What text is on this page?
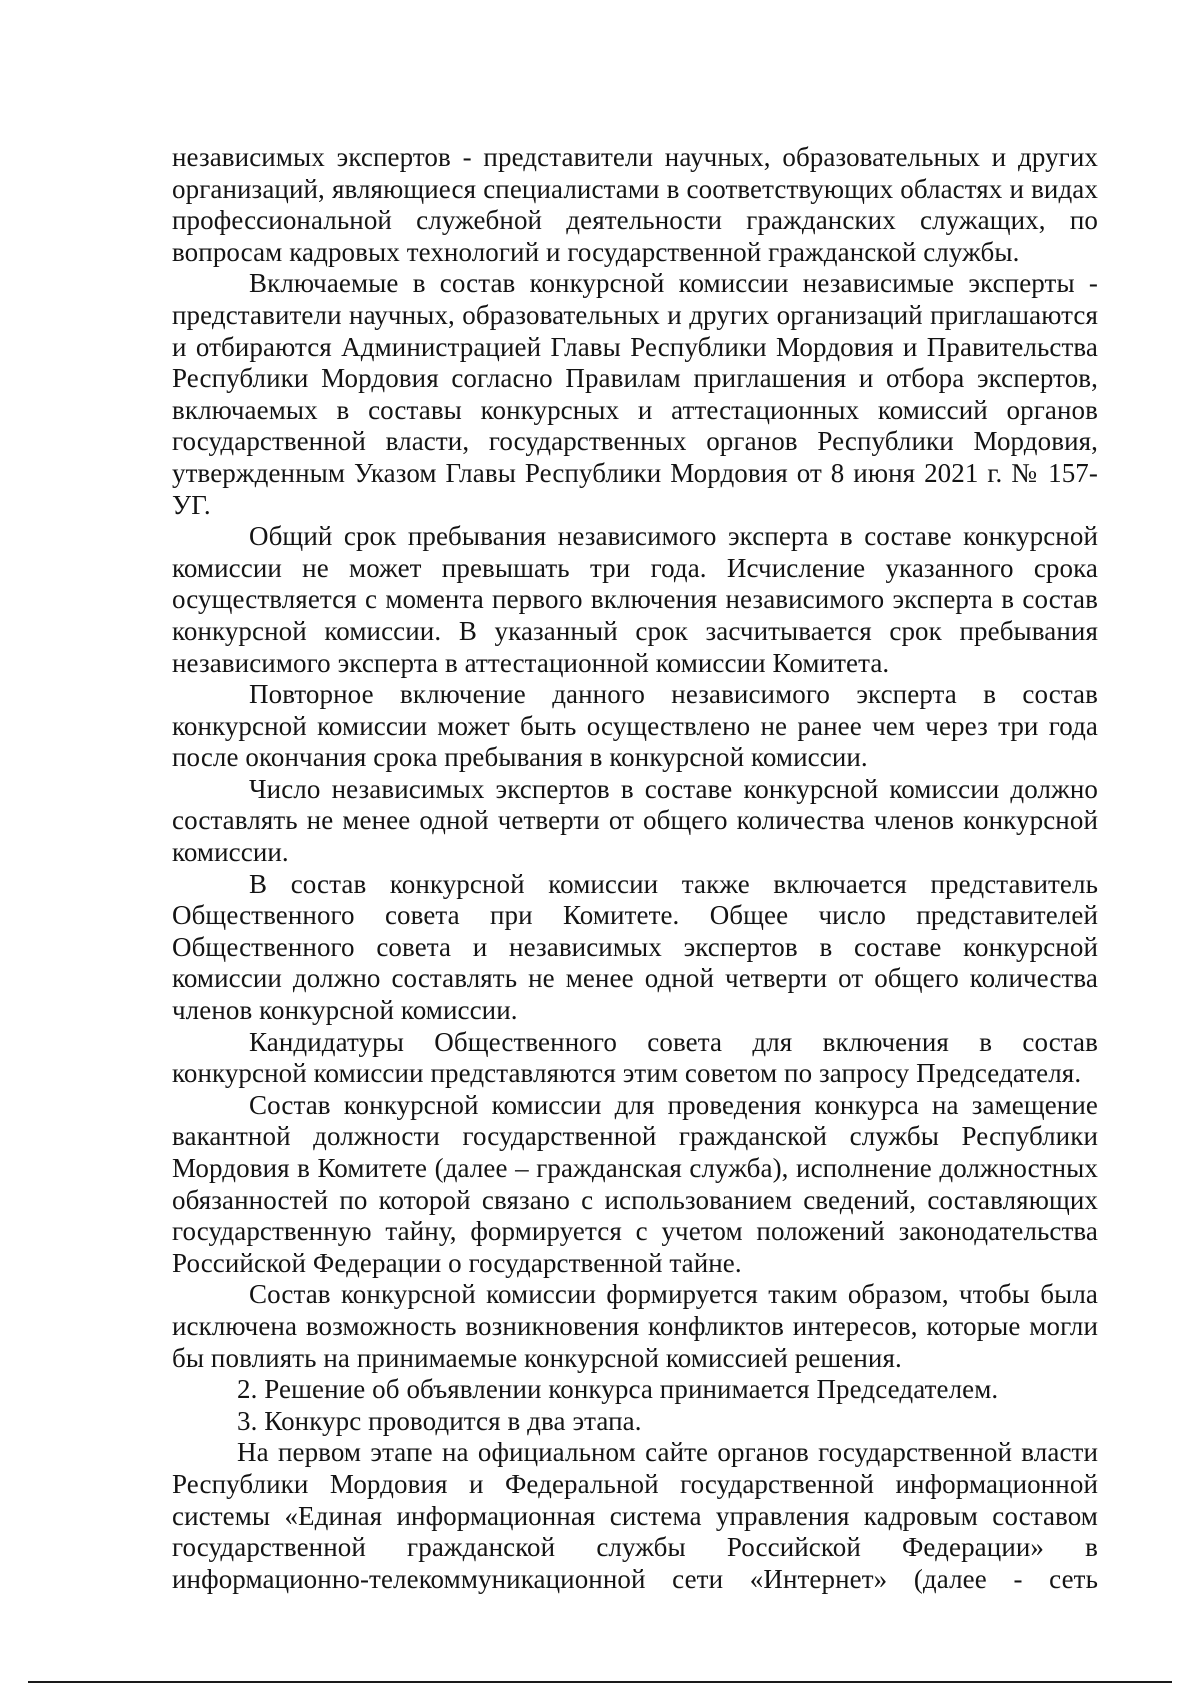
независимых экспертов - представители научных, образовательных и других организаций, являющиеся специалистами в соответствующих областях и видах профессиональной служебной деятельности гражданских служащих, по вопросам кадровых технологий и государственной гражданской службы.

Включаемые в состав конкурсной комиссии независимые эксперты - представители научных, образовательных и других организаций приглашаются и отбираются Администрацией Главы Республики Мордовия и Правительства Республики Мордовия согласно Правилам приглашения и отбора экспертов, включаемых в составы конкурсных и аттестационных комиссий органов государственной власти, государственных органов Республики Мордовия, утвержденным Указом Главы Республики Мордовия от 8 июня 2021 г. № 157-УГ.

Общий срок пребывания независимого эксперта в составе конкурсной комиссии не может превышать три года. Исчисление указанного срока осуществляется с момента первого включения независимого эксперта в состав конкурсной комиссии. В указанный срок засчитывается срок пребывания независимого эксперта в аттестационной комиссии Комитета.

Повторное включение данного независимого эксперта в состав конкурсной комиссии может быть осуществлено не ранее чем через три года после окончания срока пребывания в конкурсной комиссии.

Число независимых экспертов в составе конкурсной комиссии должно составлять не менее одной четверти от общего количества членов конкурсной комиссии.

В состав конкурсной комиссии также включается представитель Общественного совета при Комитете. Общее число представителей Общественного совета и независимых экспертов в составе конкурсной комиссии должно составлять не менее одной четверти от общего количества членов конкурсной комиссии.

Кандидатуры Общественного совета для включения в состав конкурсной комиссии представляются этим советом по запросу Председателя.

Состав конкурсной комиссии для проведения конкурса на замещение вакантной должности государственной гражданской службы Республики Мордовия в Комитете (далее – гражданская служба), исполнение должностных обязанностей по которой связано с использованием сведений, составляющих государственную тайну, формируется с учетом положений законодательства Российской Федерации о государственной тайне.

Состав конкурсной комиссии формируется таким образом, чтобы была исключена возможность возникновения конфликтов интересов, которые могли бы повлиять на принимаемые конкурсной комиссией решения.

2. Решение об объявлении конкурса принимается Председателем.

3. Конкурс проводится в два этапа.

На первом этапе на официальном сайте органов государственной власти Республики Мордовия и Федеральной государственной информационной системы «Единая информационная система управления кадровым составом государственной гражданской службы Российской Федерации» в информационно-телекоммуникационной сети «Интернет» (далее - сеть
